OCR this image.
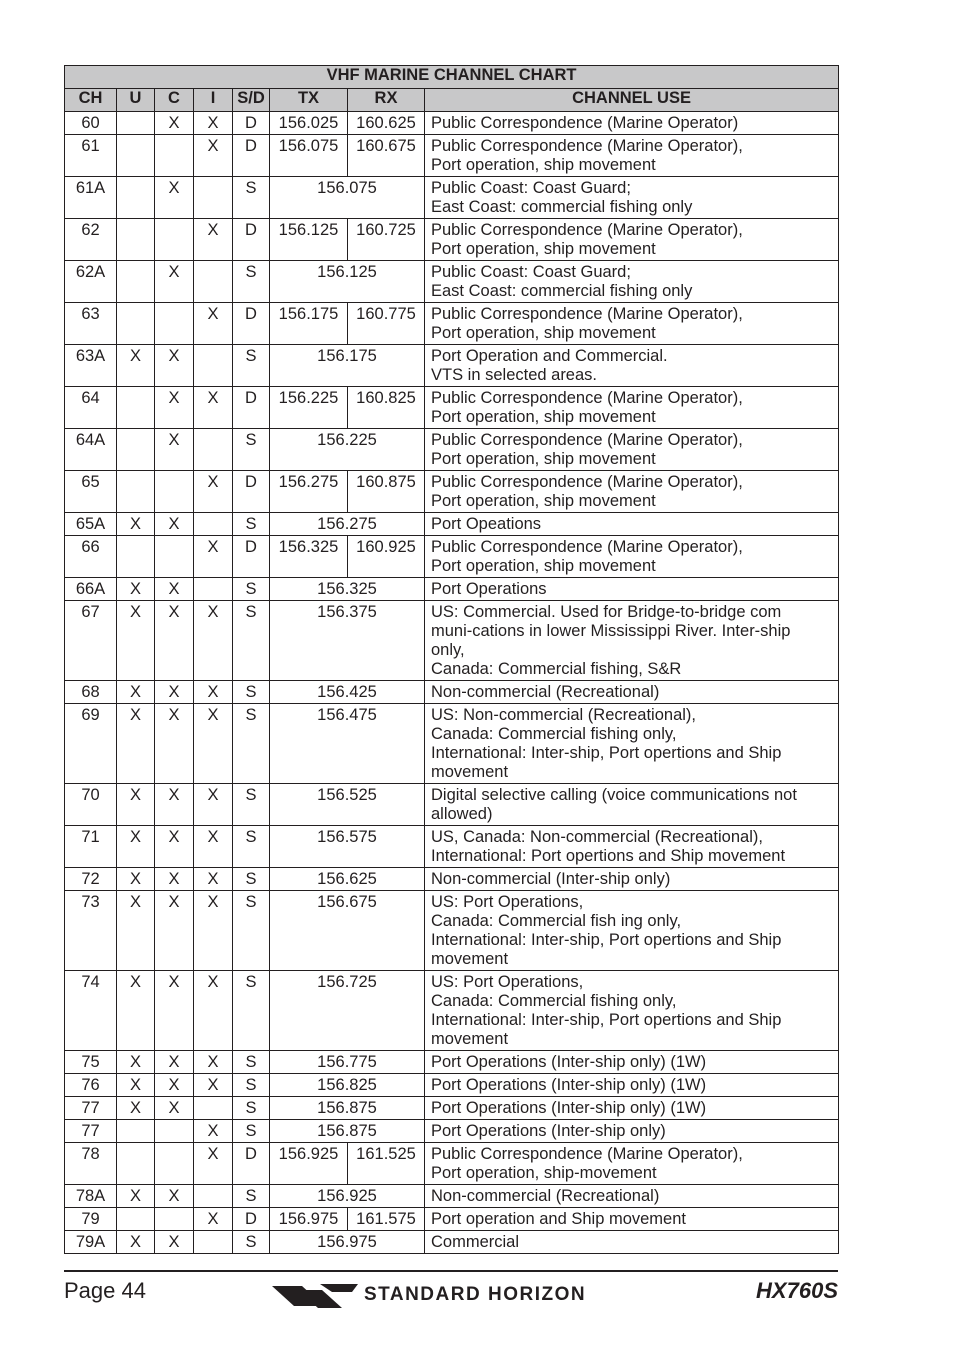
VHF MARINE CHANNEL CHART							
CH	U	C	I	S/D	TX	RX	CHANNEL USE
60		X	X	D	156.025	160.625	Public Correspondence (Marine Operator)

61			X	D	156.075	160.675	Public Correspondence (Marine Operator),
Port operation, ship movement

61A		X		S	156.075		Public Coast: Coast Guard;
East Coast: commercial fishing only

62			X	D	156.125	160.725	Public Correspondence (Marine Operator),
Port operation, ship movement

62A		X		S	156.125		Public Coast: Coast Guard;
East Coast: commercial fishing only

63			X	D	156.175	160.775	Public Correspondence (Marine Operator),
Port operation, ship movement

63A	X	X		S	156.175		Port Operation and Commercial.
VTS in selected areas.

64		X	X	D	156.225	160.825	Public Correspondence (Marine Operator),
Port operation, ship movement

64A		X		S	156.225		Public Correspondence (Marine Operator),
Port operation, ship movement

65			X	D	156.275	160.875	Public Correspondence (Marine Operator),
Port operation, ship movement

65A	X	X		S	156.275		Port Opeations

66			X	D	156.325	160.925	Public Correspondence (Marine Operator),
Port operation, ship movement

66A	X	X		S	156.325		Port Operations

67	X	X	X	S	156.375		US: Commercial. Used for Bridge-to-bridge com
muni-cations in lower Mississippi River. Inter-ship
only,
Canada: Commercial fishing, S&R

68	X	X	X	S	156.425		Non-commercial (Recreational)

69	X	X	X	S	156.475		US: Non-commercial (Recreational),
Canada: Commercial fishing only,
International: Inter-ship, Port opertions and Ship
movement

70	X	X	X	S	156.525		Digital selective calling (voice communications not
allowed)

71	X	X	X	S	156.575		US, Canada: Non-commercial (Recreational),
International: Port opertions and Ship movement

72	X	X	X	S	156.625		Non-commercial (Inter-ship only)

73	X	X	X	S	156.675		US: Port Operations,
Canada: Commercial fish ing only,
International: Inter-ship, Port opertions and Ship
movement

74	X	X	X	S	156.725		US: Port Operations,
Canada: Commercial fishing only,
International: Inter-ship, Port opertions and Ship
movement

75	X	X	X	S	156.775		Port Operations (Inter-ship only) (1W)

76	X	X	X	S	156.825		Port Operations (Inter-ship only) (1W)

77	X	X		S	156.875		Port Operations (Inter-ship only) (1W)

77			X	S	156.875		Port Operations (Inter-ship only)

78			X	D	156.925	161.525	Public Correspondence (Marine Operator),
Port operation, ship-movement

78A	X	X		S	156.925		Non-commercial (Recreational)

79			X	D	156.975	161.575	Port operation and Ship movement

79A	X	X		S	156.975		Commercial
Page 44	STANDARD HORIZON	HX760S
